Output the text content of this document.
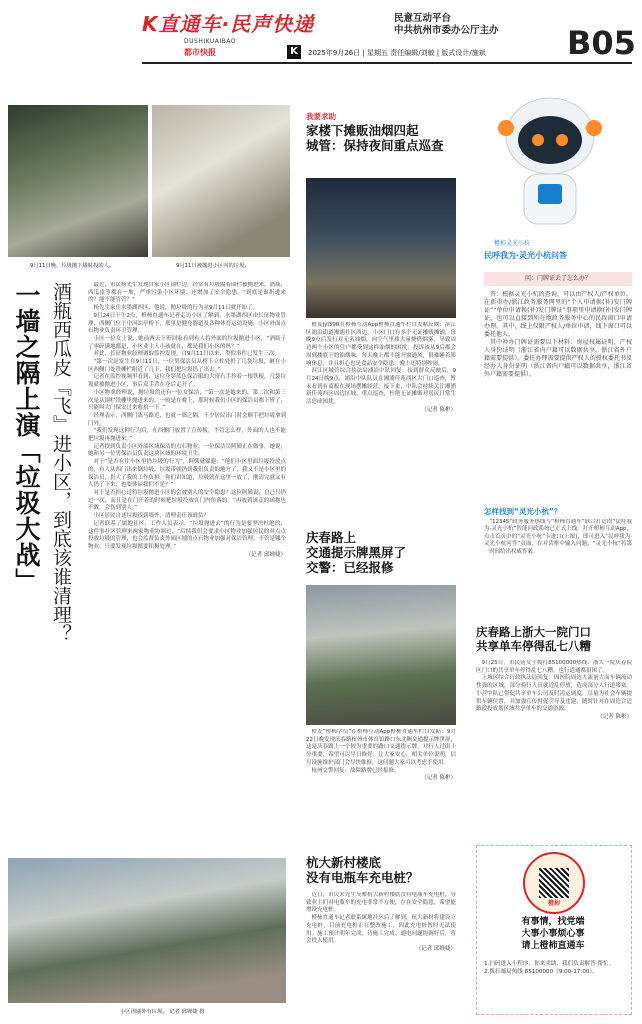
K直通车·民声快递	民意互动平台
中共杭州市委办公厅主办
DUSHIKUAIBAO
都市快报	K	2025年9月26日 | 星期五 责任编辑/刘敏 | 版式设计/施斌	B05
9月11日晚，垃圾抛下墙时投的人。	9月11日被抛进小区内的垃圾。
一墙之隔上演「垃圾大战」 酒瓶西瓜皮『飞』进小区，到底该谁清理？	最近，市民杨先生发现自家小区围栏边，经常有垃圾隔着围栏被抛进来，酒瓶、西瓜皮等都有一堆，严重污染小区环境，还增加了安全隐患。“到底是谁扔进来的？能不能管管？”

杨先生家住水墨湖西区，他说，抛垃圾的行为从9月11日就开始了。

9月24日下午2点，橙柿直通车记者走访小区了解到，水墨湖西区由长征物业管理，西侧门位于中河凉亭桥下，那里是健身器道及各种体育运动设施，小区外面点石物业负责环卫管理。

小区一位女士说，她前两天下班回家看到有人将外面的垃圾抛进小区，“酒瓶子了零碎满地都是，小区业主人小孩就在，都是我们小区的吗？”

对此，长征物业经理调取监控发现，自9月11日以来，类似事件已发生三次。

“第一次是发生在9月11日，一位男保洁员从桥下立柱处扔了几袋垃圾，砸在小区西侧门处铁栅栏附近了几下，我们把垃圾扔了出去。”

记者在监控视频里看到，这位身穿蓝色保洁服的大哥右手拎着一根铁棍，几袋垃圾就被抛进小区，事后双手背在身后走开了。

小区物业经理说，抛垃圾的还有一位女保洁，“第一次是她来的，第二次和第三次是从围栏铁栅里抛进来的。一般是在晚上，那时候我们小区的保洁员都下班了，只能叫大门保安过来收拾一下。”

经理表示，西侧门离马路近，也就一墙之隔，不少居民出门时会顺手把垃圾拿到门外。

“我们发现这种行为后，在西侧门放置了宣传板，不管怎么样，外面的人也不能把垃圾再抛进来。”

记者找到负责小区外部区域保洁的点石物业，一位保洁员阿姨正在做事。她说，她和另一位男保洁员负责这块区域的环境卫生。

对于“是否有往小区里扔垃圾的行为”，阿姨就躲避：“他们小区里面垃圾投放点的，有人从西门出来倒垃圾，垃圾带就扔到我们负责的地方了，我又不是小区里的保洁员，扔大了我的工作负担。你们讲知道，垃圾就在这里一放了，刚清完就又有人扔了下来，也要体谅我们不是？”

对于是否担心过将垃圾抛进小区的会被别人的安全隐患？这位阿姨说，自己只扔过一次，而且是在门开着的时候把垃圾投放在门内角落的。“再放到该走的函物也不敢，会伤到别人。”

小区居民自述垃圾找到墙外，清理责任该谁负？

记者联系了属地社区，工作人员表示，“垃圾抛进去”的行为是要坚决杜绝的，这件事社区管理来两家物业协调过，“后续我们会要求小区物业加强居民的对点点投放垃圾的管理，也会监督负责外面区域的点石物业加强对保洁管理，不管是哪个物业，只要发现垃圾都要积极处理。”

（记者 邱婵婕）
小区围墙外有垃圾。 记者 邱婵婕 摄
我要求助
家楼下摊贩油烟四起
城管：保持夜间重点巡查

橙友jyl39R在橙柿互动App橙柿直通车栏目发帖反映：滨江区浦沿街道湘浦社区西边，小区门口有多个无证摊贩摊铺，每晚9点后发行对无名油烟，向空气里排大量烧烤烟雾，导致周边两个小区的住户都受到这样油烟的困扰。投诉该从9后都会周到楼底下的油烟味，每天晚上都不能开窗通风，很难睡着影响休息，并且担心也是食品安全隐患，晚上还特别吵闹。

滨江区城管综合执法局浦沿中队回复：接到群众反映后，9月24日晚9点，浦沿中队队员在湘浦佳苑西区大门口巡查，暂未看到有商贩在现场摆摊经营。接下来，中队会持续关注湘浦新佳苑西区周边区域，重点巡查，杜绝无证摊贩对居民日常生活造成困扰。

（记者 陈彬）
庆春路上
交通提示牌黑屏了
交警：已经报修

橙友“橙柿学员”在橙柿互动App橙柿直通车栏目发帖：9月22日晚发现庆春路杭州市体育馆路口东北侧交通提示牌黑屏，这是庆春路上一个较为重要的路口交通提示牌，对行人过街十分重要，希望可以早日修好，让大家安心。相关单位说明，信号设施维护部门会尽快维修，这问题大家可以考虑不使用。

杭州交警回复：故障路牌已经报修。

（记者 陈彬）
杭大新村楼底
没有电瓶车充电桩？

近日，市民宋先生反映杭大新村楼底没有电瓶车充电桩，导致业主们对电瓶车的充电非常不方便，存在安全隐患，希望能增设充电桩。

橙柿直通车记者联系属地社区后了解到，杭大新村将建设立充电桩，目前充电桩正在整改施工，因此充电桩暂时无法使用。施工预计明年完成，待施工完成、通电问题协调好后，将会投入使用。

（记者 邱婵婕）
橙柿灵光小杭
民呼我为·灵光小杭问答
问：门牌证丢了怎么办？

答：根据灵光小杭的查询，可以由产权人/产权单位，在新重办/浙江政务服务网里的“个人申请换(补)发门牌证”“单位申请换(补)发门牌证”事项里申请换(补)发门牌证，也可以直接到所在地政务服务中心的民政窗口申请办理。其中，线上仅限产权人/单位申请，线下窗口可以委托他人。

其中补办门牌证需要以下材料：房屋权属证明，产权人身份证明（浙江省内户籍可以数据共享，浙江省外户籍需要提供）。委托办理需要提供产权人的授权委托书及经办人身份证明（浙江省内户籍可以数据共享，浙江省外户籍需要提供）。

怎样找到“灵光小杭”？

“12345”政务服务热线与“橙柿直通车”联合打造的“民呼我为·灵光小杭”智能问政系统已正式上线。打开橙柿互动App，点击首页中的“灵光小杭”卡进口(上图)，即可进入“民呼我为·灵光小杭问答”页面，在对话框中输入问题，“灵光小杭”将第一时间给出权威答案。

庆春路上浙大一院门口
共享单车停得乱七八糟

9月25日，市民汤女士拨打85100000热线：浙大一院庆春院区门口的共享单车停得乱七八糟，也行道通都很困了。

上城区综合行政执法局回复：因医院周边人流量大而车辆流动性强的区域，部分骑行人员就近乱停放，造成部分人行道堵塞。小营中队已督促共享单车公司及时清运调度，尽量为社会车辆提供车辆位置，并加强宣传督促引导及违建，随时针对在周边合适路段投放划区域共享单车的交通资源。

（记者 陈彬）
橙柿
有事情，找党端
大事小事烦心事
请上橙柿直通车
1.扫码进入小程序，你来求助，我们负责解答·帮忙。
2.拨打邮局热线 85100000（9:00-17:00）。
